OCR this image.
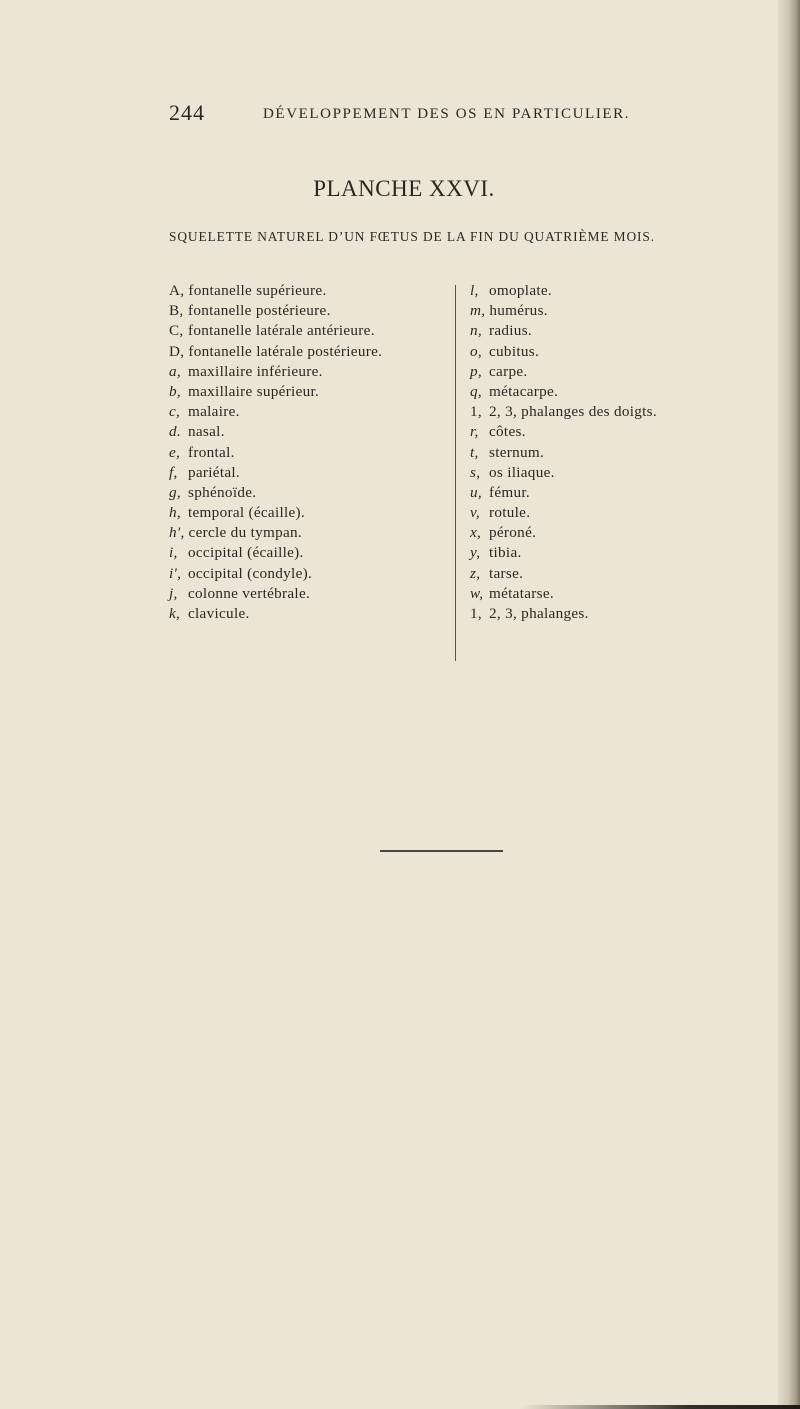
244	DÉVELOPPEMENT DES OS EN PARTICULIER.
PLANCHE XXVI.
SQUELETTE NATUREL D’UN FŒTUS DE LA FIN DU QUATRIÈME MOIS.
A, fontanelle supérieure.
B, fontanelle postérieure.
C, fontanelle latérale antérieure.
D, fontanelle latérale postérieure.
a, maxillaire inférieure.
b, maxillaire supérieur.
c, malaire.
d. nasal.
e, frontal.
f, pariétal.
g, sphénoïde.
h, temporal (écaille).
h', cercle du tympan.
i, occipital (écaille).
i', occipital (condyle).
j, colonne vertébrale.
k, clavicule.
l, omoplate.
m, humérus.
n, radius.
o, cubitus.
p, carpe.
q, métacarpe.
1, 2, 3, phalanges des doigts.
r, côtes.
t, sternum.
s, os iliaque.
u, fémur.
v, rotule.
x, péroné.
y, tibia.
z, tarse.
w, métatarse.
1, 2, 3, phalanges.
